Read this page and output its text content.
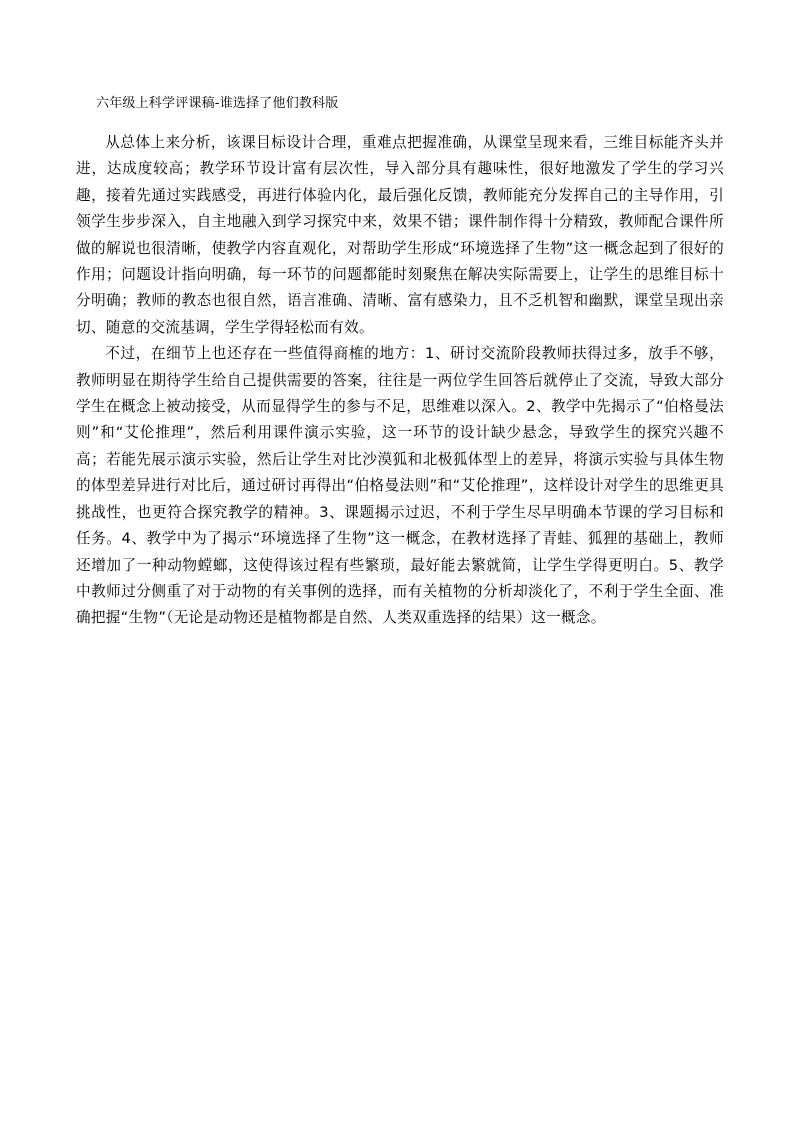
六年级上科学评课稿-谁选择了他们教科版

从总体上来分析，该课目标设计合理，重难点把握准确，从课堂呈现来看，三维目标能齐头并进，达成度较高；教学环节设计富有层次性，导入部分具有趣味性，很好地激发了学生的学习兴趣，接着先通过实践感受，再进行体验内化，最后强化反馈，教师能充分发挥自己的主导作用，引领学生步步深入，自主地融入到学习探究中来，效果不错；课件制作得十分精致，教师配合课件所做的解说也很清晰，使教学内容直观化，对帮助学生形成“环境选择了生物”这一概念起到了很好的作用；问题设计指向明确，每一环节的问题都能时刻聚焦在解决实际需要上，让学生的思维目标十分明确；教师的教态也很自然，语言准确、清晰、富有感染力，且不乏机智和幽默，课堂呈现出亲切、随意的交流基调，学生学得轻松而有效。

不过，在细节上也还存在一些值得商榷的地方：1、研讨交流阶段教师扶得过多，放手不够，教师明显在期待学生给自己提供需要的答案，往往是一两位学生回答后就停止了交流，导致大部分学生在概念上被动接受，从而显得学生的参与不足，思维难以深入。2、教学中先揭示了“伯格曼法则”和“艾伦推理”，然后利用课件演示实验，这一环节的设计缺少悬念，导致学生的探究兴趣不高；若能先展示演示实验，然后让学生对比沙漠狐和北极狐体型上的差异，将演示实验与具体生物的体型差异进行对比后，通过研讨再得出“伯格曼法则”和“艾伦推理”，这样设计对学生的思维更具挑战性，也更符合探究教学的精神。3、课题揭示过迟，不利于学生尽早明确本节课的学习目标和任务。4、教学中为了揭示“环境选择了生物”这一概念，在教材选择了青蛙、狐狸的基础上，教师还增加了一种动物螳螂，这使得该过程有些繁琐，最好能去繁就简，让学生学得更明白。5、教学中教师过分侧重了对于动物的有关事例的选择，而有关植物的分析却淡化了，不利于学生全面、准确把握“生物”（无论是动物还是植物都是自然、人类双重选择的结果）这一概念。
